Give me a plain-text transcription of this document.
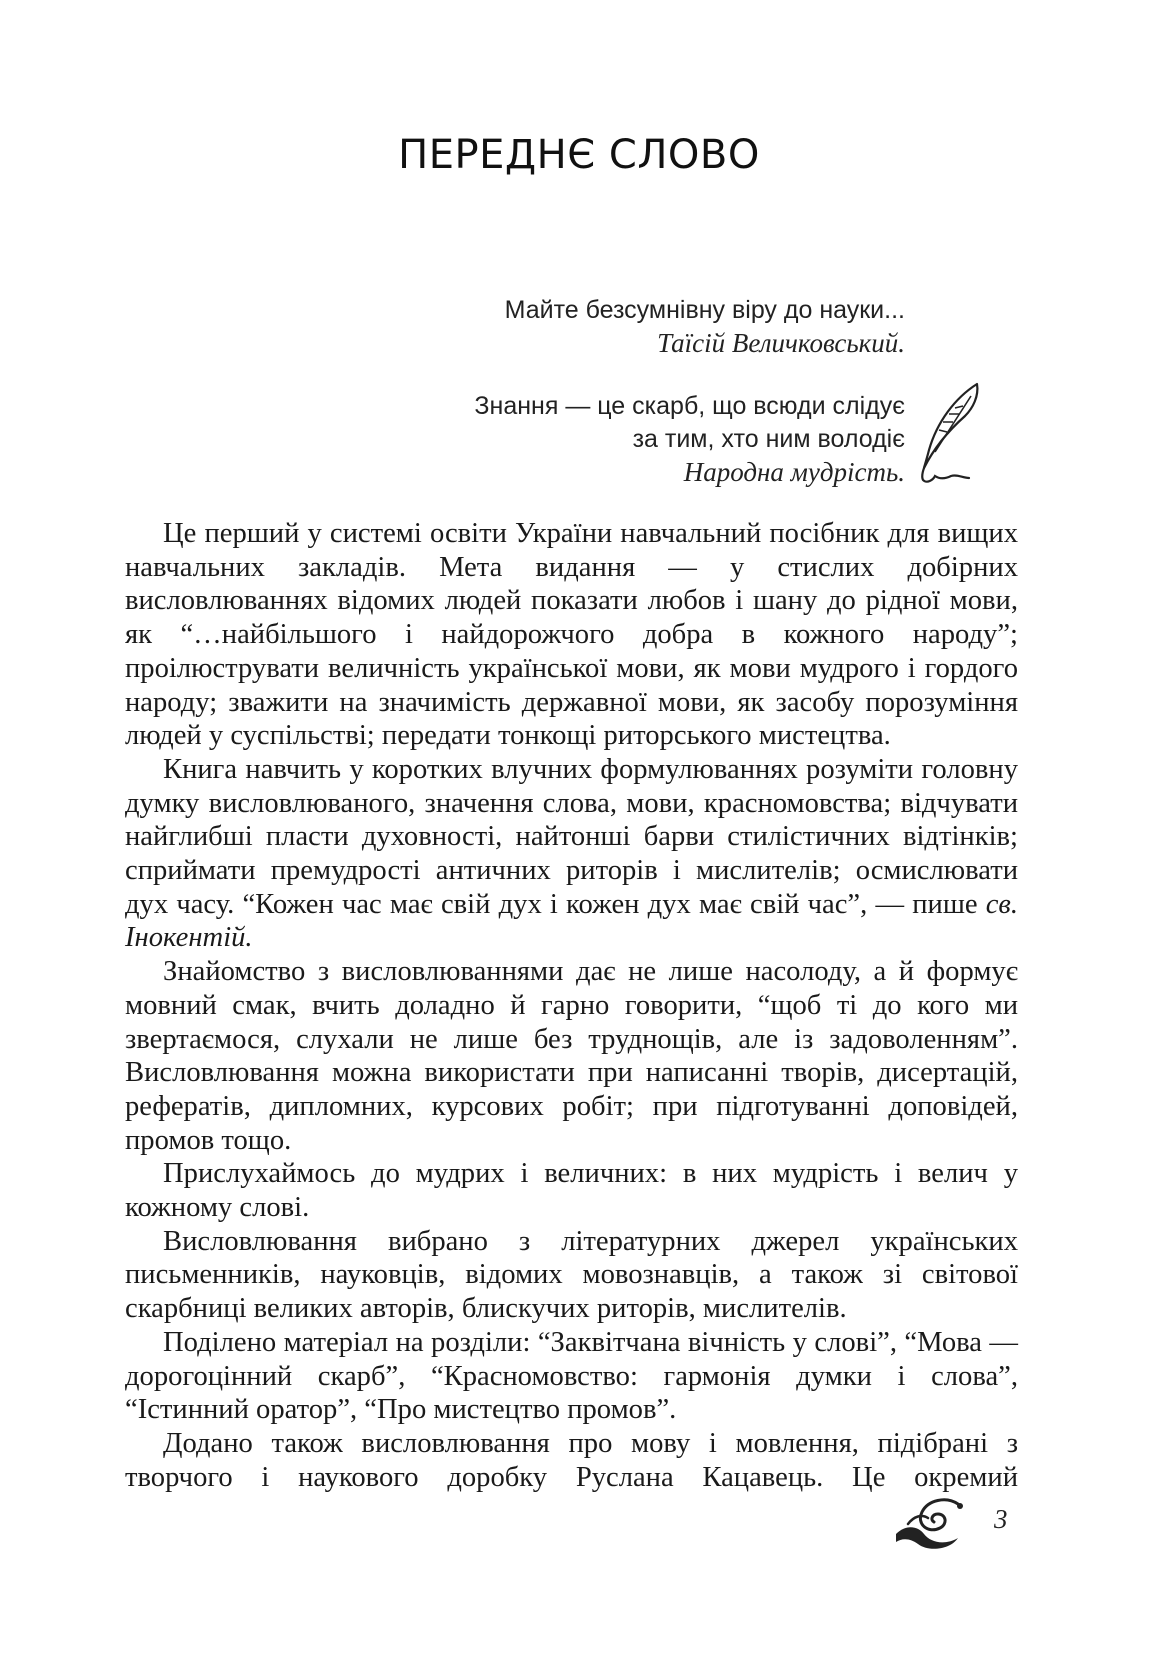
ПЕРЕДНЄ СЛОВО
Майте безсумнівну віру до науки...
Таїсій Величковський.
Знання — це скарб, що всюди слідує
за тим, хто ним володіє
Народна мудрість.

Це перший у системі освіти України навчальний посібник для вищих навчальних закладів. Мета видання — у стислих добірних висловлюваннях відомих людей показати любов і шану до рідної мови, як “…найбільшого і найдорожчого добра в кожного народу”; проілюструвати величність української мови, як мови мудрого і гордого народу; зважити на значимість державної мови, як засобу порозуміння людей у суспільстві; передати тонкощі риторського мистецтва.

Книга навчить у коротких влучних формулюваннях розуміти головну думку висловлюваного, значення слова, мови, красномовства; відчувати найглибші пласти духовності, найтонші барви стилістичних відтінків; сприймати премудрості античних риторів і мислителів; осмислювати дух часу. “Кожен час має свій дух і кожен дух має свій час”, — пише св. Інокентій.

Знайомство з висловлюваннями дає не лише насолоду, а й формує мовний смак, вчить доладно й гарно говорити, “щоб ті до кого ми звертаємося, слухали не лише без труднощів, але із задоволенням”. Висловлювання можна використати при написанні творів, дисертацій, рефератів, дипломних, курсових робіт; при підготуванні доповідей, промов тощо.

Прислухаймось до мудрих і величних: в них мудрість і велич у кожному слові.

Висловлювання вибрано з літературних джерел українських письменників, науковців, відомих мовознавців, а також зі світової скарбниці великих авторів, блискучих риторів, мислителів.

Поділено матеріал на розділи: “Заквітчана вічність у слові”, “Мова — дорогоцінний скарб”, “Красномовство: гармонія думки і слова”, “Істинний оратор”, “Про мистецтво промов”.

Додано також висловлювання про мову і мовлення, підібрані з творчого і наукового доробку Руслана Кацавець. Це окремий

3
